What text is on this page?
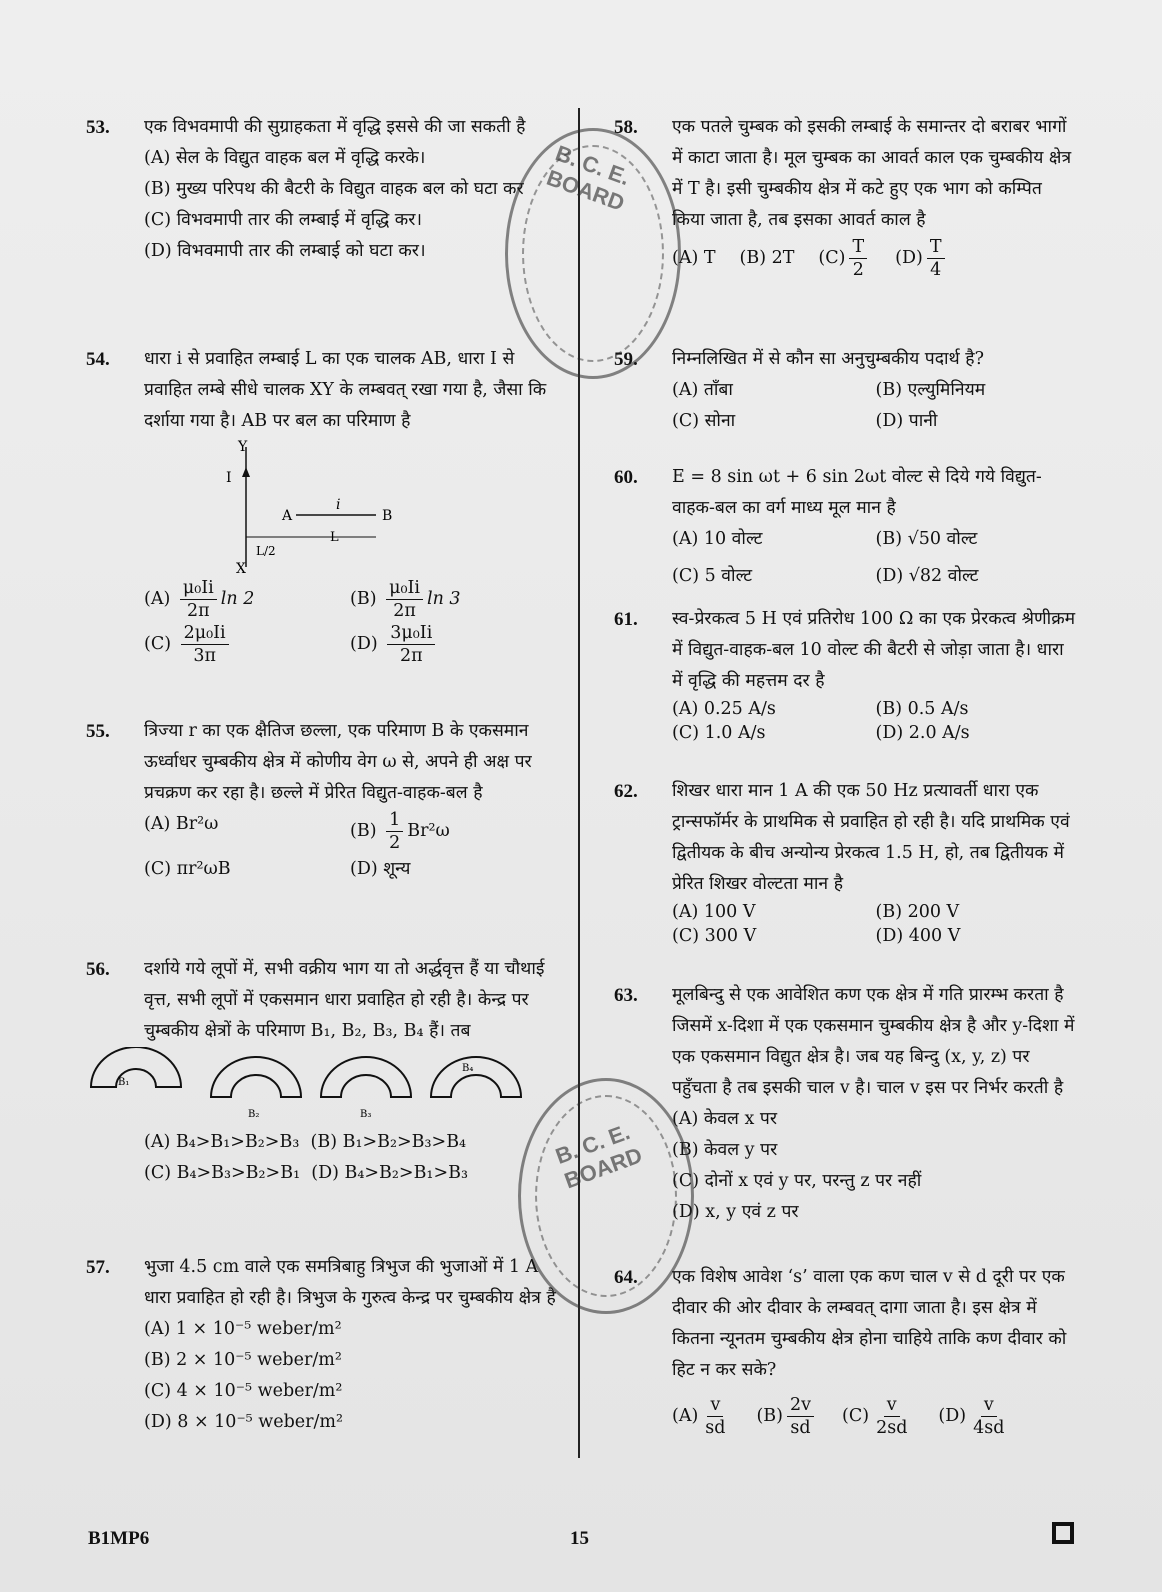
53. एक विभवमापी की सुग्राहकता में वृद्धि इससे की जा सकती है
(A) सेल के विद्युत वाहक बल में वृद्धि करके।
(B) मुख्य परिपथ की बैटरी के विद्युत वाहक बल को घटा कर
(C) विभवमापी तार की लम्बाई में वृद्धि कर।
(D) विभवमापी तार की लम्बाई को घटा कर।
54. धारा i से प्रवाहित लम्बाई L का एक चालक AB, धारा I से प्रवाहित लम्बे सीधे चालक XY के लम्बवत् रखा गया है, जैसा कि दर्शाया गया है। AB पर बल का परिमाण है
Y
X
I
A	B
i
L/2
L
$(A) \frac{\text{μ₀Ii}}{2\pi}$ ln 2	$(B) \frac{\text{μ₀Ii}}{2\pi}$ ln 3
$(C) \frac{\text{2μ₀Ii}}{3\pi}$	$(D) \frac{\text{3μ₀Ii}}{2\pi}$
55. त्रिज्या r का एक क्षैतिज छल्ला, एक परिमाण B के एकसमान ऊर्ध्वाधर चुम्बकीय क्षेत्र में कोणीय वेग ω से, अपने ही अक्ष पर प्रचक्रण कर रहा है। छल्ले में प्रेरित विद्युत-वाहक-बल है
(A) Br²ω	$(B) \frac{1}{2} Br^2\omega$
(C) πr²ωB	(D) शून्य
56. दर्शाये गये लूपों में, सभी वक्रीय भाग या तो अर्द्धवृत्त हैं या चौथाई वृत्त, सभी लूपों में एकसमान धारा प्रवाहित हो रही है। केन्द्र पर चुम्बकीय क्षेत्रों के परिमाण B₁, B₂, B₃, B₄ हैं। तब
B₁
B₂	B₃
B₄
(A) B₄>B₁>B₂>B₃ (B) B₁>B₂>B₃>B₄
(C) B₄>B₃>B₂>B₁ (D) B₄>B₂>B₁>B₃
57. भुजा 4.5 cm वाले एक समत्रिबाहु त्रिभुज की भुजाओं में 1 A धारा प्रवाहित हो रही है। त्रिभुज के गुरुत्व केन्द्र पर चुम्बकीय क्षेत्र है
(A) 1 × 10⁻⁵ weber/m²
(B) 2 × 10⁻⁵ weber/m²
(C) 4 × 10⁻⁵ weber/m²
(D) 8 × 10⁻⁵ weber/m²
58. एक पतले चुम्बक को इसकी लम्बाई के समान्तर दो बराबर भागों में काटा जाता है। मूल चुम्बक का आवर्त काल एक चुम्बकीय क्षेत्र में T है। इसी चुम्बकीय क्षेत्र में कटे हुए एक भाग को कम्पित किया जाता है, तब इसका आवर्त काल है
(A) T (B) 2T $(C) \frac{T}{2} (D) \frac{T}{4}$
59. निम्नलिखित में से कौन सा अनुचुम्बकीय पदार्थ है?
(A) ताँबा	(B) एल्युमिनियम
(C) सोना	(D) पानी
60. E = 8 sin ωt + 6 sin 2ωt वोल्ट से दिये गये विद्युत-वाहक-बल का वर्ग माध्य मूल मान है
(A) 10 वोल्ट	(B) √50 वोल्ट
(C) 5 वोल्ट	(D) √82 वोल्ट
61. स्व-प्रेरकत्व 5 H एवं प्रतिरोध 100 Ω का एक प्रेरकत्व श्रेणीक्रम में विद्युत-वाहक-बल 10 वोल्ट की बैटरी से जोड़ा जाता है। धारा में वृद्धि की महत्तम दर है
(A) 0.25 A/s	(B) 0.5 A/s
(C) 1.0 A/s	(D) 2.0 A/s
62. शिखर धारा मान 1 A की एक 50 Hz प्रत्यावर्ती धारा एक ट्रान्सफॉर्मर के प्राथमिक से प्रवाहित हो रही है। यदि प्राथमिक एवं द्वितीयक के बीच अन्योन्य प्रेरकत्व 1.5 H, हो, तब द्वितीयक में प्रेरित शिखर वोल्टता मान है
(A) 100 V	(B) 200 V
(C) 300 V	(D) 400 V
63. मूलबिन्दु से एक आवेशित कण एक क्षेत्र में गति प्रारम्भ करता है जिसमें x-दिशा में एक एकसमान चुम्बकीय क्षेत्र है और y-दिशा में एक एकसमान विद्युत क्षेत्र है। जब यह बिन्दु (x, y, z) पर पहुँचता है तब इसकी चाल v है। चाल v इस पर निर्भर करती है
(A) केवल x पर
(B) केवल y पर
(C) दोनों x एवं y पर, परन्तु z पर नहीं
(D) x, y एवं z पर
64. एक विशेष आवेश ‘s’ वाला एक कण चाल v से d दूरी पर एक दीवार की ओर दीवार के लम्बवत् दागा जाता है। इस क्षेत्र में कितना न्यूनतम चुम्बकीय क्षेत्र होना चाहिये ताकि कण दीवार को हिट न कर सके?
$(A) \frac{v}{sd} (B) \frac{2v}{sd} (C) \frac{v}{2sd} (D) \frac{v}{4sd}$
B. C. E. BOARD
B. C. E. BOARD
B1MP6	15
